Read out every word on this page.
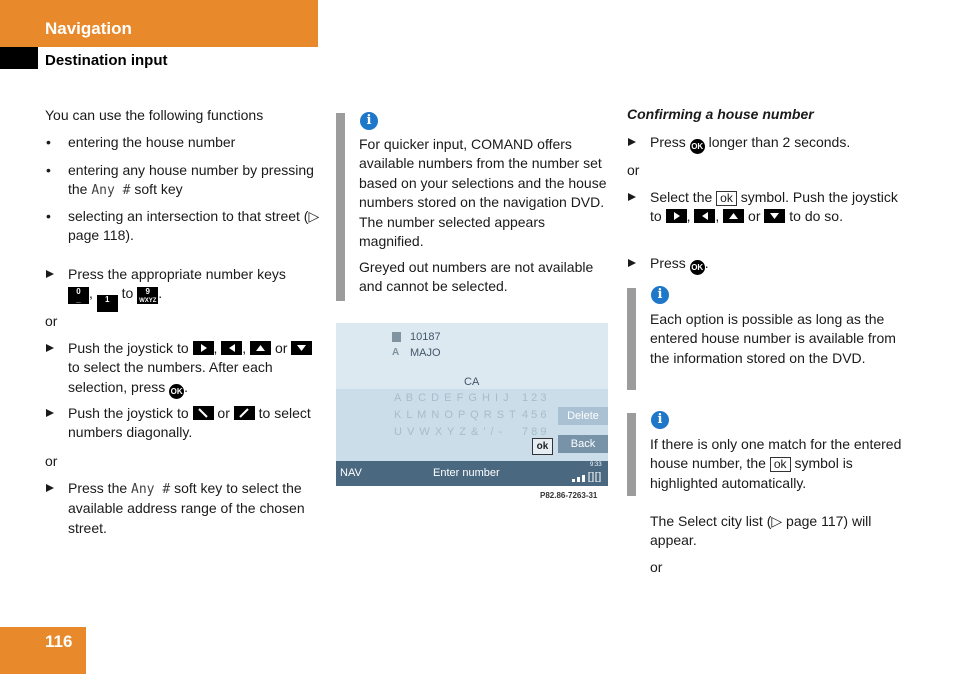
Navigation
Destination input
You can use the following functions
• entering the house number
• entering any house number by pressing the Any # soft key
• selecting an intersection to that street (▷ page 118).
Press the appropriate number keys
0
_ , 1 to 9
WXYZ .
or
Push the joystick to ,
,
or
to select the numbers. After each selection, press OK .
Push the joystick to
or
to select numbers diagonally.
or
Press the Any # soft key to select the available address range of the chosen street.
i
For quicker input, COMAND offers available numbers from the number set based on your selections and the house numbers stored on the navigation DVD. The number selected appears magnified.
Greyed out numbers are not available and cannot be selected.
10187
A MAJO
CA
A B C D E F G H I J 1 2 3
K L M N O P Q R S T 4 5 6
U V W X Y Z & ' / - 7 8 9
Delete
Back
ok
NAV	Enter number
9:33
P82.86-7263-31
Confirming a house number
Press OK longer than 2 seconds.
or
Select the ok symbol. Push the joystick to ,
,
or
to do so.
Press OK .
i
Each option is possible as long as the entered house number is available from the information stored on the DVD.
i
If there is only one match for the entered house number, the ok symbol is highlighted automatically.
The Select city list (▷ page 117) will appear.
or
116
